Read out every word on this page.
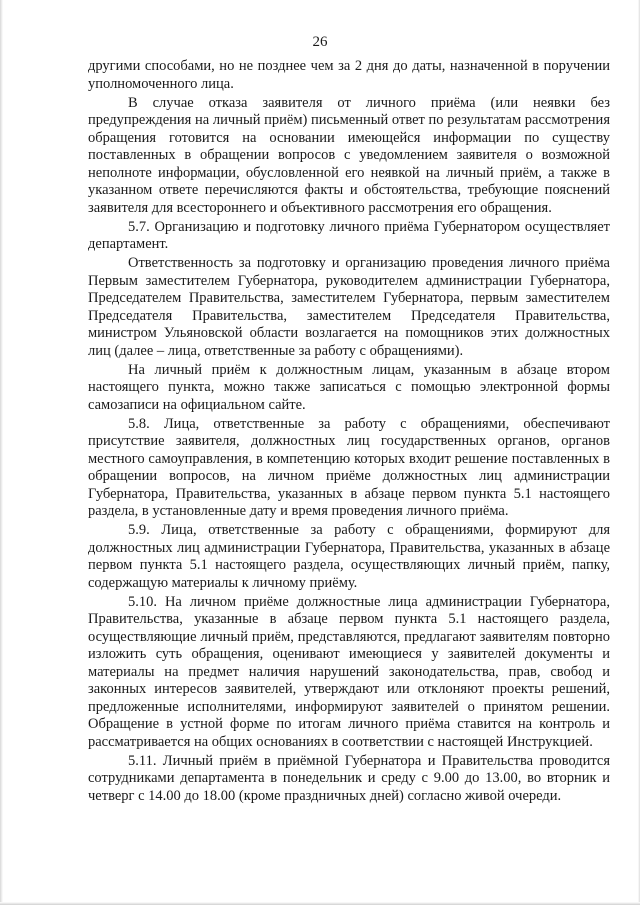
26

другими способами, но не позднее чем за 2 дня до даты, назначенной в поручении уполномоченного лица.

В случае отказа заявителя от личного приёма (или неявки без предупреждения на личный приём) письменный ответ по результатам рассмотрения обращения готовится на основании имеющейся информации по существу поставленных в обращении вопросов с уведомлением заявителя о возможной неполноте информации, обусловленной его неявкой на личный приём, а также в указанном ответе перечисляются факты и обстоятельства, требующие пояснений заявителя для всестороннего и объективного рассмотрения его обращения.

5.7. Организацию и подготовку личного приёма Губернатором осуществляет департамент.

Ответственность за подготовку и организацию проведения личного приёма Первым заместителем Губернатора, руководителем администрации Губернатора, Председателем Правительства, заместителем Губернатора, первым заместителем Председателя Правительства, заместителем Председателя Правительства, министром Ульяновской области возлагается на помощников этих должностных лиц (далее – лица, ответственные за работу с обращениями).

На личный приём к должностным лицам, указанным в абзаце втором настоящего пункта, можно также записаться с помощью электронной формы самозаписи на официальном сайте.

5.8. Лица, ответственные за работу с обращениями, обеспечивают присутствие заявителя, должностных лиц государственных органов, органов местного самоуправления, в компетенцию которых входит решение поставленных в обращении вопросов, на личном приёме должностных лиц администрации Губернатора, Правительства, указанных в абзаце первом пункта 5.1 настоящего раздела, в установленные дату и время проведения личного приёма.

5.9. Лица, ответственные за работу с обращениями, формируют для должностных лиц администрации Губернатора, Правительства, указанных в абзаце первом пункта 5.1 настоящего раздела, осуществляющих личный приём, папку, содержащую материалы к личному приёму.

5.10. На личном приёме должностные лица администрации Губернатора, Правительства, указанные в абзаце первом пункта 5.1 настоящего раздела, осуществляющие личный приём, представляются, предлагают заявителям повторно изложить суть обращения, оценивают имеющиеся у заявителей документы и материалы на предмет наличия нарушений законодательства, прав, свобод и законных интересов заявителей, утверждают или отклоняют проекты решений, предложенные исполнителями, информируют заявителей о принятом решении. Обращение в устной форме по итогам личного приёма ставится на контроль и рассматривается на общих основаниях в соответствии с настоящей Инструкцией.

5.11. Личный приём в приёмной Губернатора и Правительства проводится сотрудниками департамента в понедельник и среду с 9.00 до 13.00, во вторник и четверг с 14.00 до 18.00 (кроме праздничных дней) согласно живой очереди.
